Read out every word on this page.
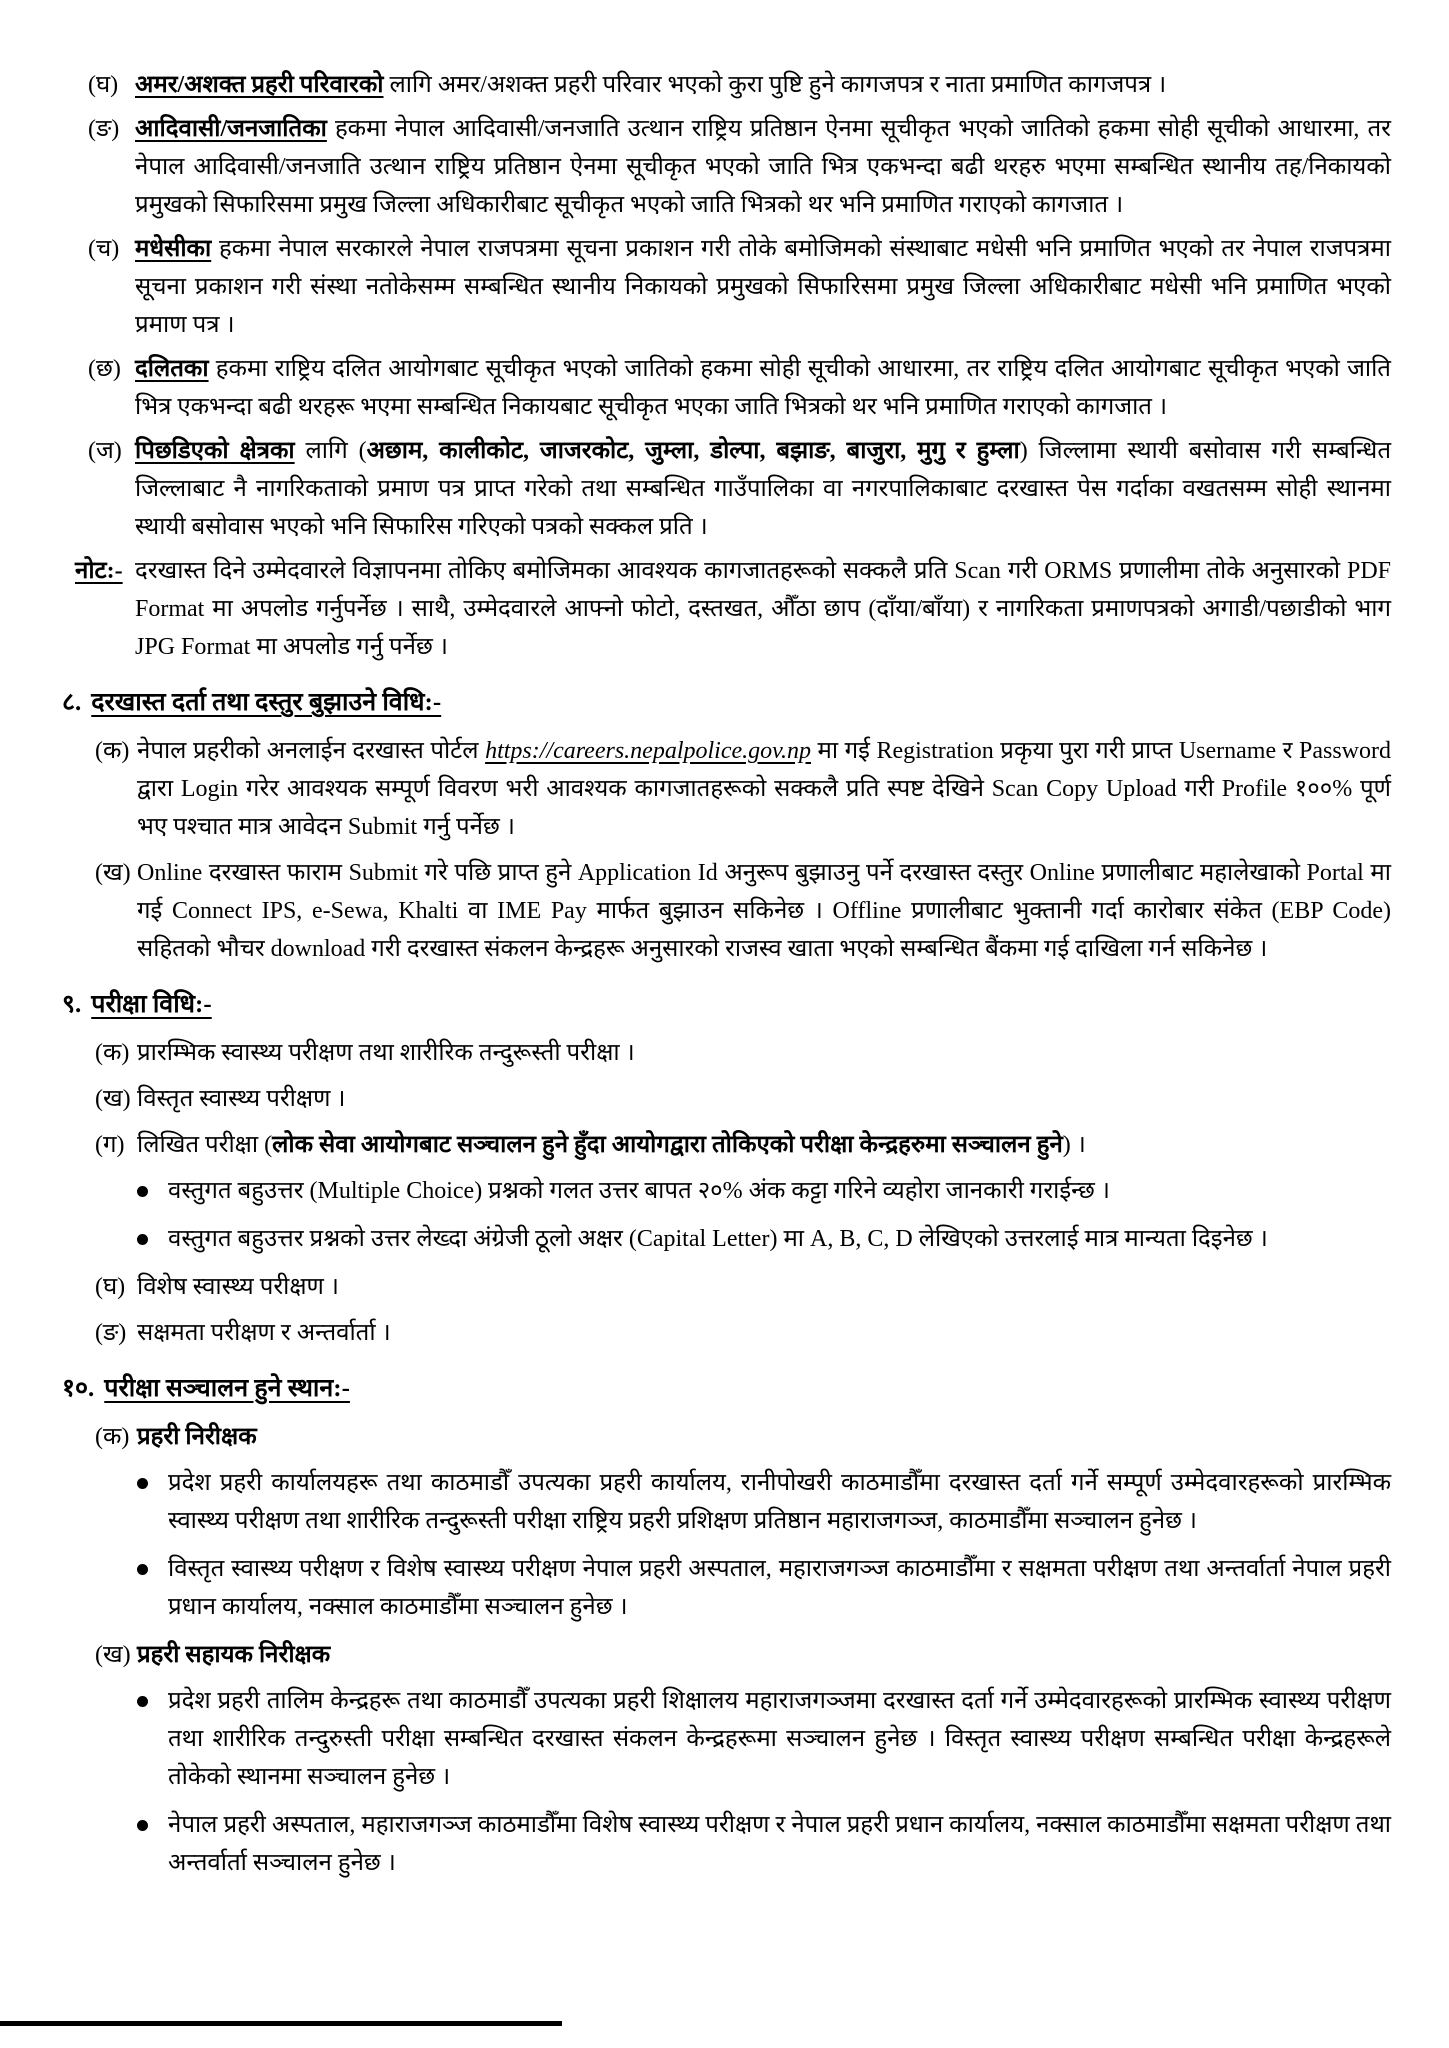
(घ) अमर/अशक्त प्रहरी परिवारको लागि अमर/अशक्त प्रहरी परिवार भएको कुरा पुष्टि हुने कागजपत्र र नाता प्रमाणित कागजपत्र ।
(ङ) आदिवासी/जनजातिका हकमा नेपाल आदिवासी/जनजाति उत्थान राष्ट्रिय प्रतिष्ठान ऐनमा सूचीकृत भएको जातिको हकमा सोही सूचीको आधारमा, तर नेपाल आदिवासी/जनजाति उत्थान राष्ट्रिय प्रतिष्ठान ऐनमा सूचीकृत भएको जाति भित्र एकभन्दा बढी थरहरु भएमा सम्बन्धित स्थानीय तह/निकायको प्रमुखको सिफारिसमा प्रमुख जिल्ला अधिकारीबाट सूचीकृत भएको जाति भित्रको थर भनि प्रमाणित गराएको कागजात ।
(च) मधेसीका हकमा नेपाल सरकारले नेपाल राजपत्रमा सूचना प्रकाशन गरी तोके बमोजिमको संस्थाबाट मधेसी भनि प्रमाणित भएको तर नेपाल राजपत्रमा सूचना प्रकाशन गरी संस्था नतोकेसम्म सम्बन्धित स्थानीय निकायको प्रमुखको सिफारिसमा प्रमुख जिल्ला अधिकारीबाट मधेसी भनि प्रमाणित भएको प्रमाण पत्र ।
(छ) दलितका हकमा राष्ट्रिय दलित आयोगबाट सूचीकृत भएको जातिको हकमा सोही सूचीको आधारमा, तर राष्ट्रिय दलित आयोगबाट सूचीकृत भएको जाति भित्र एकभन्दा बढी थरहरू भएमा सम्बन्धित निकायबाट सूचीकृत भएका जाति भित्रको थर भनि प्रमाणित गराएको कागजात ।
(ज) पिछडिएको क्षेत्रका लागि (अछाम, कालीकोट, जाजरकोट, जुम्ला, डोल्पा, बझाङ, बाजुरा, मुगु र हुम्ला) जिल्लामा स्थायी बसोवास गरी सम्बन्धित जिल्लाबाट नै नागरिकताको प्रमाण पत्र प्राप्त गरेको तथा सम्बन्धित गाउँपालिका वा नगरपालिकाबाट दरखास्त पेस गर्दाका वखतसम्म सोही स्थानमा स्थायी बसोवास भएको भनि सिफारिस गरिएको पत्रको सक्कल प्रति ।
नोट:- दरखास्त दिने उम्मेदवारले विज्ञापनमा तोकिए बमोजिमका आवश्यक कागजातहरूको सक्कलै प्रति Scan गरी ORMS प्रणालीमा तोके अनुसारको PDF Format मा अपलोड गर्नुपर्नेछ । साथै, उम्मेदवारले आफ्नो फोटो, दस्तखत, औँठा छाप (दाँया/बाँया) र नागरिकता प्रमाणपत्रको अगाडी/पछाडीको भाग JPG Format मा अपलोड गर्नु पर्नेछ ।
८. दरखास्त दर्ता तथा दस्तुर बुझाउने विधि:-
(क) नेपाल प्रहरीको अनलाईन दरखास्त पोर्टल https://careers.nepalpolice.gov.np मा गई Registration प्रकृया पुरा गरी प्राप्त Username र Password द्वारा Login गरेर आवश्यक सम्पूर्ण विवरण भरी आवश्यक कागजातहरूको सक्कलै प्रति स्पष्ट देखिने Scan Copy Upload गरी Profile १००% पूर्ण भए पश्चात मात्र आवेदन Submit गर्नु पर्नेछ ।
(ख) Online दरखास्त फाराम Submit गरे पछि प्राप्त हुने Application Id अनुरूप बुझाउनु पर्ने दरखास्त दस्तुर Online प्रणालीबाट महालेखाको Portal मा गई Connect IPS, e-Sewa, Khalti वा IME Pay मार्फत बुझाउन सकिनेछ । Offline प्रणालीबाट भुक्तानी गर्दा कारोबार संकेत (EBP Code) सहितको भौचर download गरी दरखास्त संकलन केन्द्रहरू अनुसारको राजस्व खाता भएको सम्बन्धित बैंकमा गई दाखिला गर्न सकिनेछ ।
९. परीक्षा विधि:-
(क) प्रारम्भिक स्वास्थ्य परीक्षण तथा शारीरिक तन्दुरूस्ती परीक्षा ।
(ख) विस्तृत स्वास्थ्य परीक्षण ।
(ग) लिखित परीक्षा (लोक सेवा आयोगबाट सञ्चालन हुने हुँदा आयोगद्वारा तोकिएको परीक्षा केन्द्रहरुमा सञ्चालन हुने) ।
वस्तुगत बहुउत्तर (Multiple Choice) प्रश्नको गलत उत्तर बापत २०% अंक कट्टा गरिने व्यहोरा जानकारी गराईन्छ ।
वस्तुगत बहुउत्तर प्रश्नको उत्तर लेख्दा अंग्रेजी ठूलो अक्षर (Capital Letter) मा A, B, C, D लेखिएको उत्तरलाई मात्र मान्यता दिइनेछ ।
(घ) विशेष स्वास्थ्य परीक्षण ।
(ङ) सक्षमता परीक्षण र अन्तर्वार्ता ।
१०. परीक्षा सञ्चालन हुने स्थान:-
(क) प्रहरी निरीक्षक
प्रदेश प्रहरी कार्यालयहरू तथा काठमाडौँ उपत्यका प्रहरी कार्यालय, रानीपोखरी काठमाडौँमा दरखास्त दर्ता गर्ने सम्पूर्ण उम्मेदवारहरूको प्रारम्भिक स्वास्थ्य परीक्षण तथा शारीरिक तन्दुरूस्ती परीक्षा राष्ट्रिय प्रहरी प्रशिक्षण प्रतिष्ठान महाराजगञ्ज, काठमाडौँमा सञ्चालन हुनेछ ।
विस्तृत स्वास्थ्य परीक्षण र विशेष स्वास्थ्य परीक्षण नेपाल प्रहरी अस्पताल, महाराजगञ्ज काठमाडौँमा र सक्षमता परीक्षण तथा अन्तर्वार्ता नेपाल प्रहरी प्रधान कार्यालय, नक्साल काठमाडौँमा सञ्चालन हुनेछ ।
(ख) प्रहरी सहायक निरीक्षक
प्रदेश प्रहरी तालिम केन्द्रहरू तथा काठमाडौँ उपत्यका प्रहरी शिक्षालय महाराजगञ्जमा दरखास्त दर्ता गर्ने उम्मेदवारहरूको प्रारम्भिक स्वास्थ्य परीक्षण तथा शारीरिक तन्दुरुस्ती परीक्षा सम्बन्धित दरखास्त संकलन केन्द्रहरूमा सञ्चालन हुनेछ । विस्तृत स्वास्थ्य परीक्षण सम्बन्धित परीक्षा केन्द्रहरूले तोकेको स्थानमा सञ्चालन हुनेछ ।
नेपाल प्रहरी अस्पताल, महाराजगञ्ज काठमाडौँमा विशेष स्वास्थ्य परीक्षण र नेपाल प्रहरी प्रधान कार्यालय, नक्साल काठमाडौँमा सक्षमता परीक्षण तथा अन्तर्वार्ता सञ्चालन हुनेछ ।
